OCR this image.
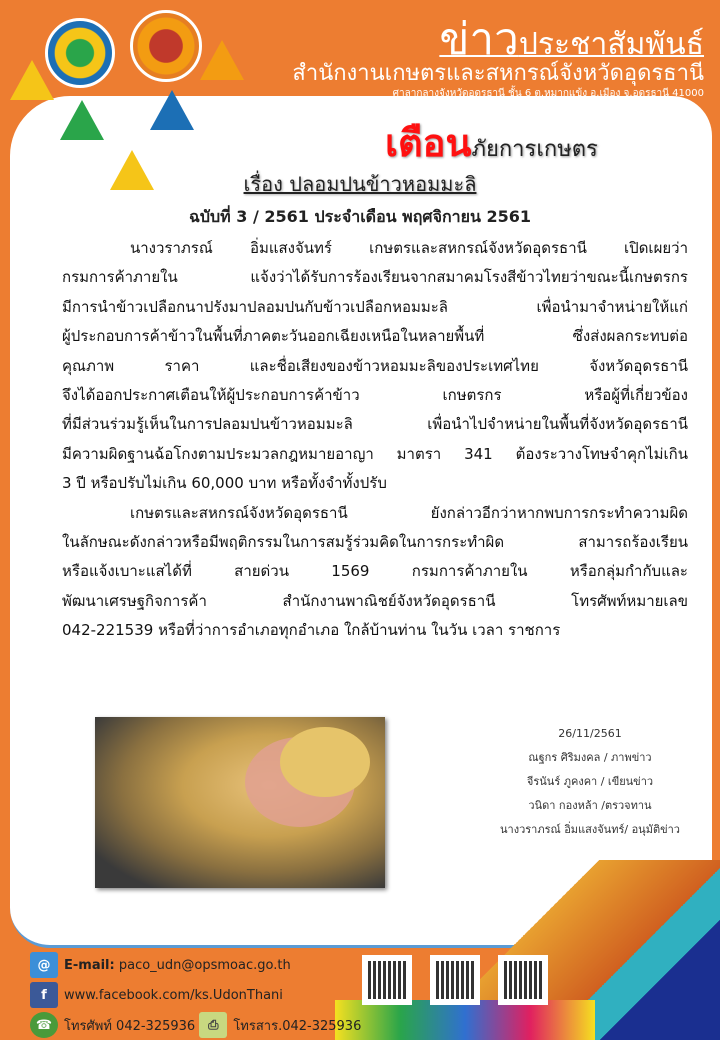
ข่าวประชาสัมพันธ์
สำนักงานเกษตรและสหกรณ์จังหวัดอุดรธานี
ศาลากลางจังหวัดอุดรธานี ชั้น 6 ต.หมากแข้ง อ.เมือง จ.อุดรธานี 41000
เตือนภัยการเกษตร
เรื่อง ปลอมปนข้าวหอมมะลิ
ฉบับที่ 3 / 2561 ประจำเดือน พฤศจิกายน 2561
นางวราภรณ์ อิ่มแสงจันทร์ เกษตรและสหกรณ์จังหวัดอุดรธานี เปิดเผยว่า
กรมการค้าภายใน แจ้งว่าได้รับการร้องเรียนจากสมาคมโรงสีข้าวไทยว่าขณะนี้เกษตรกร
มีการนำข้าวเปลือกนาปรังมาปลอมปนกับข้าวเปลือกหอมมะลิ เพื่อนำมาจำหน่ายให้แก่
ผู้ประกอบการค้าข้าวในพื้นที่ภาคตะวันออกเฉียงเหนือในหลายพื้นที่ ซึ่งส่งผลกระทบต่อ
คุณภาพ ราคา และชื่อเสียงของข้าวหอมมะลิของประเทศไทย จังหวัดอุดรธานี
จึงได้ออกประกาศเตือนให้ผู้ประกอบการค้าข้าว เกษตรกร หรือผู้ที่เกี่ยวข้อง
ที่มีส่วนร่วมรู้เห็นในการปลอมปนข้าวหอมมะลิ เพื่อนำไปจำหน่ายในพื้นที่จังหวัดอุดรธานี
มีความผิดฐานฉ้อโกงตามประมวลกฎหมายอาญา มาตรา 341 ต้องระวางโทษจำคุกไม่เกิน
3 ปี หรือปรับไม่เกิน 60,000 บาท หรือทั้งจำทั้งปรับ
เกษตรและสหกรณ์จังหวัดอุดรธานี ยังกล่าวอีกว่าหากพบการกระทำความผิด
ในลักษณะดังกล่าวหรือมีพฤติกรรมในการสมรู้ร่วมคิดในการกระทำผิด สามารถร้องเรียน
หรือแจ้งเบาะแสได้ที่ สายด่วน 1569 กรมการค้าภายใน หรือกลุ่มกำกับและ
พัฒนาเศรษฐกิจการค้า สำนักงานพาณิชย์จังหวัดอุดรธานี โทรศัพท์หมายเลข
042-221539 หรือที่ว่าการอำเภอทุกอำเภอ ใกล้บ้านท่าน ในวัน เวลา ราชการ
26/11/2561
ณฐกร ศิริมงคล / ภาพข่าว
จีรนันร์ ภูคงคา / เขียนข่าว
วนิดา กองหล้า /ตรวจทาน
นางวราภรณ์ อิ่มแสงจันทร์/ อนุมัติข่าว
@	E-mail:
paco_udn@opsmoac.go.th
f	www.facebook.com/ks.UdonThani
☎ โทรศัพท์ 042-325936
⎙	โทรสาร.042-325936
